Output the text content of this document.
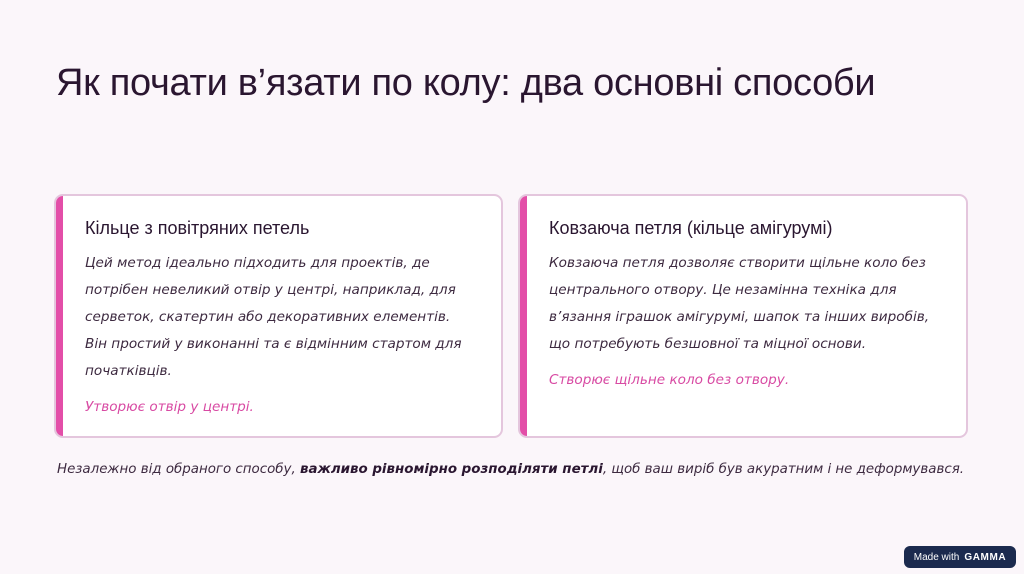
Як почати в’язати по колу: два основні способи
Кільце з повітряних петель

Цей метод ідеально підходить для проектів, де
потрібен невеликий отвір у центрі, наприклад, для
серветок, скатертин або декоративних елементів.
Він простий у виконанні та є відмінним стартом для
початківців.

Утворює отвір у центрі.

Ковзаюча петля (кільце амігурумі)

Ковзаюча петля дозволяє створити щільне коло без
центрального отвору. Це незамінна техніка для
в’язання іграшок амігурумі, шапок та інших виробів,
що потребують безшовної та міцної основи.

Створює щільне коло без отвору.

Незалежно від обраного способу, важливо рівномірно розподіляти петлі, щоб ваш виріб був акуратним і не деформувався.

Made with GAMMA
